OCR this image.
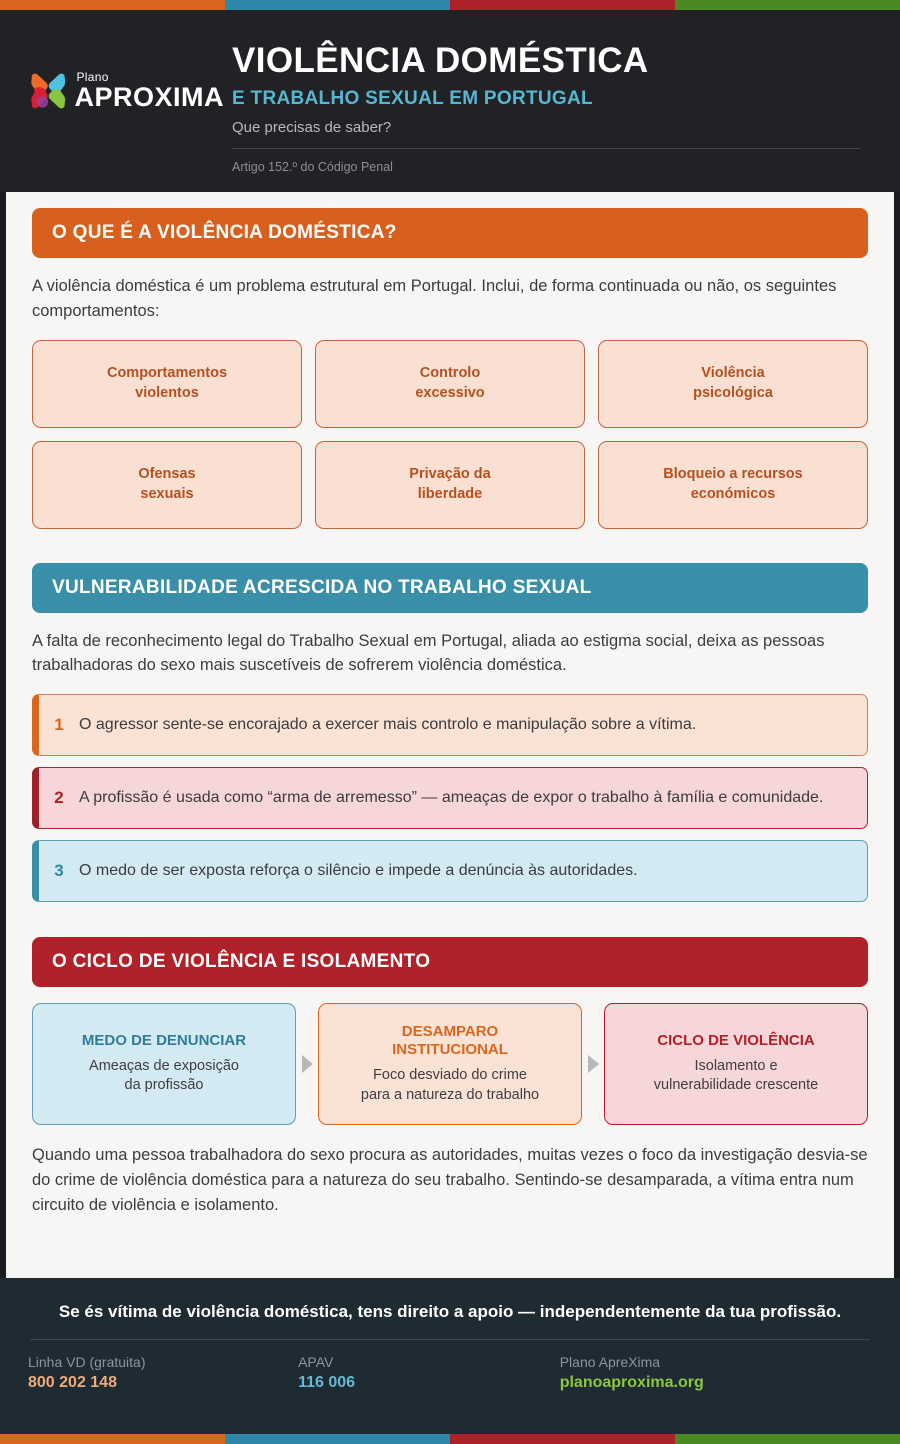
Plano
APROXIMA
VIOLÊNCIA DOMÉSTICA
E TRABALHO SEXUAL EM PORTUGAL
Que precisas de saber?
Artigo 152.º do Código Penal
O QUE É A VIOLÊNCIA DOMÉSTICA?
A violência doméstica é um problema estrutural em Portugal. Inclui, de forma continuada ou não, os seguintes comportamentos:
Comportamentos
violentos
Controlo
excessivo
Violência
psicológica
Ofensas
sexuais
Privação da
liberdade
Bloqueio a recursos
económicos
VULNERABILIDADE ACRESCIDA NO TRABALHO SEXUAL
A falta de reconhecimento legal do Trabalho Sexual em Portugal, aliada ao estigma social, deixa as pessoas trabalhadoras do sexo mais suscetíveis de sofrerem violência doméstica.
1 O agressor sente-se encorajado a exercer mais controlo e manipulação sobre a vítima.
2 A profissão é usada como “arma de arremesso” — ameaças de expor o trabalho à família e comunidade.
3 O medo de ser exposta reforça o silêncio e impede a denúncia às autoridades.
O CICLO DE VIOLÊNCIA E ISOLAMENTO
MEDO DE DENUNCIAR
Ameaças de exposição
da profissão
DESAMPARO
INSTITUCIONAL
Foco desviado do crime
para a natureza do trabalho
CICLO DE VIOLÊNCIA
Isolamento e
vulnerabilidade crescente
Quando uma pessoa trabalhadora do sexo procura as autoridades, muitas vezes o foco da investigação desvia-se do crime de violência doméstica para a natureza do seu trabalho. Sentindo-se desamparada, a vítima entra num circuito de violência e isolamento.
Se és vítima de violência doméstica, tens direito a apoio — independentemente da tua profissão.
Linha VD (gratuita)
800 202 148
APAV
116 006
Plano ApreXima
planoaproxima.org
